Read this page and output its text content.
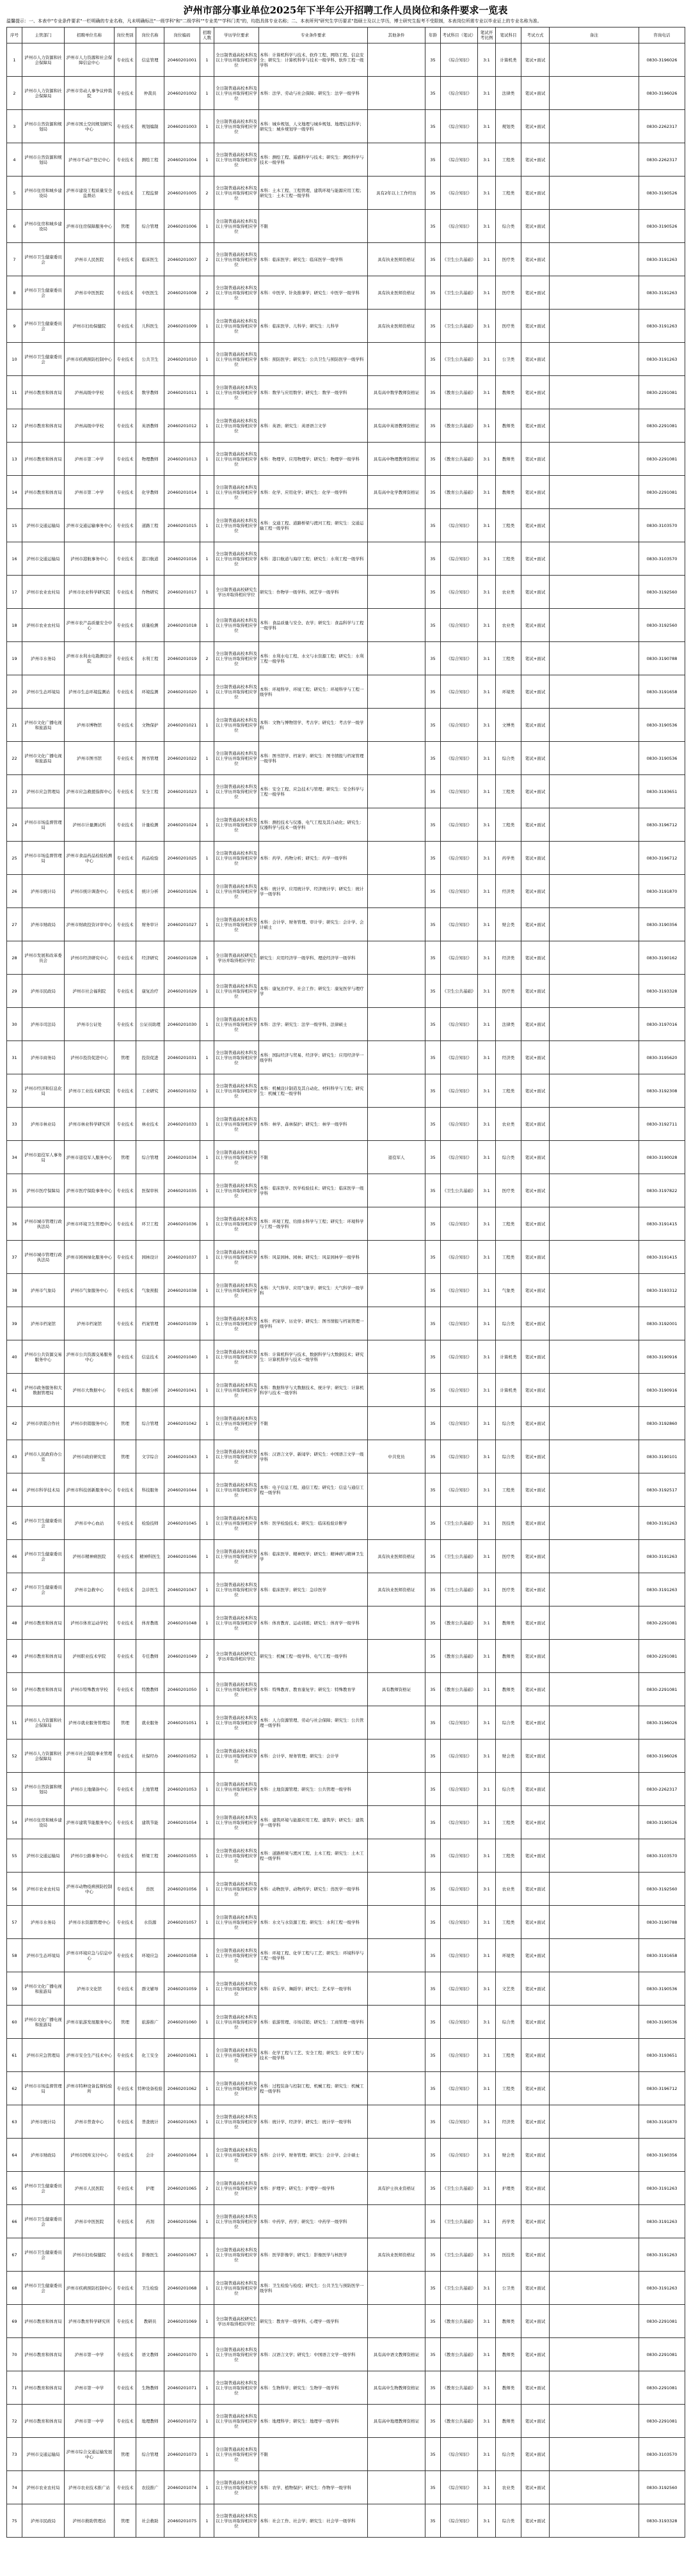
泸州市部分事业单位2025年下半年公开招聘工作人员岗位和条件要求一览表
温馨提示：一、本表中"专业条件要求"一栏明确的专业名称，凡未明确标注"一级学科"和"二级学科""专业类""学科门类"的，均指具体专业名称；二、本表所列"研究生学历要求"指硕士及以上学历，博士研究生报考不受限制，本表岗位所需专业以毕业证上的专业名称为准。
序号	主管部门	招聘单位名称	岗位类别	岗位名称	岗位编码	招聘人数	学历学位要求	专业条件要求	其他条件	年龄	考试科目（笔试）	笔试开考比例	笔试科目	考试方式	备注	咨询电话
1	泸州市人力资源和社会保障局	泸州市人力资源和社会保障信息中心	专业技术	信息管理	20460201001	1	全日制普通高校本科及以上学历并取得相应学位	本科：计算机科学与技术、软件工程、网络工程、信息安全；研究生：计算机科学与技术一级学科、软件工程一级学科		35	《综合知识》	3:1	计算机类	笔试+面试		0830-3196026
2	泸州市人力资源和社会保障局	泸州市劳动人事争议仲裁院	专业技术	仲裁员	20460201002	1	全日制普通高校本科及以上学历并取得相应学位	本科：法学、劳动与社会保障；研究生：法学一级学科		35	《综合知识》	3:1	法律类	笔试+面试		0830-3196026
3	泸州市自然资源和规划局	泸州市国土空间规划研究中心	专业技术	规划编制	20460201003	1	全日制普通高校本科及以上学历并取得相应学位	本科：城乡规划、人文地理与城乡规划、地理信息科学；研究生：城乡规划学一级学科		35	《综合知识》	3:1	规划类	笔试+面试		0830-2262317
4	泸州市自然资源和规划局	泸州市不动产登记中心	专业技术	测绘工程	20460201004	1	全日制普通高校本科及以上学历并取得相应学位	本科：测绘工程、遥感科学与技术；研究生：测绘科学与技术一级学科		35	《综合知识》	3:1	工程类	笔试+面试		0830-2262317
5	泸州市住房和城乡建设局	泸州市建设工程质量安全监督站	专业技术	工程监督	20460201005	2	全日制普通高校本科及以上学历并取得相应学位	本科：土木工程、工程管理、建筑环境与能源应用工程；研究生：土木工程一级学科	具有2年以上工作经历	35	《综合知识》	3:1	工程类	笔试+面试		0830-3190526
6	泸州市住房和城乡建设局	泸州市住房保障服务中心	管理	综合管理	20460201006	1	全日制普通高校本科及以上学历并取得相应学位	不限		35	《综合知识》	3:1	综合类	笔试+面试		0830-3190526
7	泸州市卫生健康委员会	泸州市人民医院	专业技术	临床医生	20460201007	2	全日制普通高校本科及以上学历并取得相应学位	本科：临床医学；研究生：临床医学一级学科	具有执业医师资格证	35	《卫生公共基础》	3:1	医疗类	笔试+面试		0830-3191263
8	泸州市卫生健康委员会	泸州市中医医院	专业技术	中医医生	20460201008	2	全日制普通高校本科及以上学历并取得相应学位	本科：中医学、针灸推拿学；研究生：中医学一级学科	具有执业医师资格证	35	《卫生公共基础》	3:1	医疗类	笔试+面试		0830-3191263
9	泸州市卫生健康委员会	泸州市妇幼保健院	专业技术	儿科医生	20460201009	1	全日制普通高校本科及以上学历并取得相应学位	本科：临床医学、儿科学；研究生：儿科学	具有执业医师资格证	35	《卫生公共基础》	3:1	医疗类	笔试+面试		0830-3191263
10	泸州市卫生健康委员会	泸州市疾病预防控制中心	专业技术	公共卫生	20460201010	1	全日制普通高校本科及以上学历并取得相应学位	本科：预防医学；研究生：公共卫生与预防医学一级学科		35	《卫生公共基础》	3:1	公卫类	笔试+面试		0830-3191263
11	泸州市教育和体育局	泸州高级中学校	专业技术	数学教师	20460201011	1	全日制普通高校本科及以上学历并取得相应学位	本科：数学与应用数学；研究生：数学一级学科	具有高中数学教师资格证	35	《教育公共基础》	3:1	教师类	笔试+面试		0830-2291081
12	泸州市教育和体育局	泸州高级中学校	专业技术	英语教师	20460201012	1	全日制普通高校本科及以上学历并取得相应学位	本科：英语；研究生：英语语言文学	具有高中英语教师资格证	35	《教育公共基础》	3:1	教师类	笔试+面试		0830-2291081
13	泸州市教育和体育局	泸州市第二中学	专业技术	物理教师	20460201013	1	全日制普通高校本科及以上学历并取得相应学位	本科：物理学、应用物理学；研究生：物理学一级学科	具有高中物理教师资格证	35	《教育公共基础》	3:1	教师类	笔试+面试		0830-2291081
14	泸州市教育和体育局	泸州市第二中学	专业技术	化学教师	20460201014	1	全日制普通高校本科及以上学历并取得相应学位	本科：化学、应用化学；研究生：化学一级学科	具有高中化学教师资格证	35	《教育公共基础》	3:1	教师类	笔试+面试		0830-2291081
15	泸州市交通运输局	泸州市交通运输事务中心	专业技术	道路工程	20460201015	1	全日制普通高校本科及以上学历并取得相应学位	本科：交通工程、道路桥梁与渡河工程；研究生：交通运输工程一级学科		35	《综合知识》	3:1	工程类	笔试+面试		0830-3103570
16	泸州市交通运输局	泸州市港航事务中心	专业技术	港口航道	20460201016	1	全日制普通高校本科及以上学历并取得相应学位	本科：港口航道与海岸工程；研究生：水利工程一级学科		35	《综合知识》	3:1	工程类	笔试+面试		0830-3103570
17	泸州市农业农村局	泸州市农业科学研究院	专业技术	作物研究	20460201017	1	全日制普通高校研究生学历并取得相应学位	研究生：作物学一级学科、园艺学一级学科		35	《综合知识》	3:1	农业类	笔试+面试		0830-3192560
18	泸州市农业农村局	泸州市农产品质量安全中心	专业技术	质量检测	20460201018	1	全日制普通高校本科及以上学历并取得相应学位	本科：食品质量与安全、农学；研究生：食品科学与工程一级学科		35	《综合知识》	3:1	农业类	笔试+面试		0830-3192560
19	泸州市水务局	泸州市水利水电勘测设计院	专业技术	水利工程	20460201019	2	全日制普通高校本科及以上学历并取得相应学位	本科：水利水电工程、水文与水资源工程；研究生：水利工程一级学科		35	《综合知识》	3:1	工程类	笔试+面试		0830-3190788
20	泸州市生态环境局	泸州市生态环境监测站	专业技术	环境监测	20460201020	1	全日制普通高校本科及以上学历并取得相应学位	本科：环境科学、环境工程；研究生：环境科学与工程一级学科		35	《综合知识》	3:1	环境类	笔试+面试		0830-3191658
21	泸州市文化广播电视和旅游局	泸州市博物馆	专业技术	文物保护	20460201021	1	全日制普通高校本科及以上学历并取得相应学位	本科：文物与博物馆学、考古学；研究生：考古学一级学科		35	《综合知识》	3:1	文博类	笔试+面试		0830-3190536
22	泸州市文化广播电视和旅游局	泸州市图书馆	专业技术	图书管理	20460201022	1	全日制普通高校本科及以上学历并取得相应学位	本科：图书馆学、档案学；研究生：图书情报与档案管理一级学科		35	《综合知识》	3:1	综合类	笔试+面试		0830-3190536
23	泸州市应急管理局	泸州市应急救援指挥中心	专业技术	安全工程	20460201023	1	全日制普通高校本科及以上学历并取得相应学位	本科：安全工程、应急技术与管理；研究生：安全科学与工程一级学科		35	《综合知识》	3:1	工程类	笔试+面试		0830-3193651
24	泸州市市场监督管理局	泸州市计量测试所	专业技术	计量检测	20460201024	1	全日制普通高校本科及以上学历并取得相应学位	本科：测控技术与仪器、电气工程及其自动化；研究生：仪器科学与技术一级学科		35	《综合知识》	3:1	工程类	笔试+面试		0830-3196712
25	泸州市市场监督管理局	泸州市食品药品检验检测中心	专业技术	药品检验	20460201025	1	全日制普通高校本科及以上学历并取得相应学位	本科：药学、药物分析；研究生：药学一级学科		35	《综合知识》	3:1	药学类	笔试+面试		0830-3196712
26	泸州市统计局	泸州市统计调查中心	专业技术	统计分析	20460201026	1	全日制普通高校本科及以上学历并取得相应学位	本科：统计学、应用统计学、经济统计学；研究生：统计学一级学科		35	《综合知识》	3:1	经济类	笔试+面试		0830-3191870
27	泸州市财政局	泸州市财政投资评审中心	专业技术	财务审计	20460201027	1	全日制普通高校本科及以上学历并取得相应学位	本科：会计学、财务管理、审计学；研究生：会计学、会计硕士		35	《综合知识》	3:1	财会类	笔试+面试		0830-3190356
28	泸州市发展和改革委员会	泸州市经济研究中心	专业技术	经济研究	20460201028	1	全日制普通高校研究生学历并取得相应学位	研究生：应用经济学一级学科、理论经济学一级学科		35	《综合知识》	3:1	经济类	笔试+面试		0830-3190162
29	泸州市民政局	泸州市社会福利院	专业技术	康复治疗	20460201029	1	全日制普通高校本科及以上学历并取得相应学位	本科：康复治疗学、社会工作；研究生：康复医学与理疗学		35	《卫生公共基础》	3:1	医疗类	笔试+面试		0830-3193328
30	泸州市司法局	泸州市公证处	专业技术	公证员助理	20460201030	1	全日制普通高校本科及以上学历并取得相应学位	本科：法学；研究生：法学一级学科、法律硕士		35	《综合知识》	3:1	法律类	笔试+面试		0830-3197016
31	泸州市商务局	泸州市投资促进中心	管理	投资促进	20460201031	1	全日制普通高校本科及以上学历并取得相应学位	本科：国际经济与贸易、经济学；研究生：应用经济学一级学科		35	《综合知识》	3:1	经济类	笔试+面试		0830-3195620
32	泸州市经济和信息化局	泸州市工业技术研究院	专业技术	工业研究	20460201032	1	全日制普通高校本科及以上学历并取得相应学位	本科：机械设计制造及其自动化、材料科学与工程；研究生：机械工程一级学科		35	《综合知识》	3:1	工程类	笔试+面试		0830-3192308
33	泸州市林业局	泸州市林业科学研究所	专业技术	林业技术	20460201033	1	全日制普通高校本科及以上学历并取得相应学位	本科：林学、森林保护；研究生：林学一级学科		35	《综合知识》	3:1	农业类	笔试+面试		0830-3192711
34	泸州市退役军人事务局	泸州市退役军人服务中心	管理	综合管理	20460201034	1	全日制普通高校本科及以上学历并取得相应学位	不限	退役军人	35	《综合知识》	3:1	综合类	笔试+面试		0830-3190028
35	泸州市医疗保障局	泸州市医疗保险事务中心	专业技术	医保审核	20460201035	1	全日制普通高校本科及以上学历并取得相应学位	本科：临床医学、医学检验技术；研究生：临床医学一级学科		35	《卫生公共基础》	3:1	医疗类	笔试+面试		0830-3197822
36	泸州市城市管理行政执法局	泸州市环境卫生管理中心	专业技术	环卫工程	20460201036	1	全日制普通高校本科及以上学历并取得相应学位	本科：环境工程、给排水科学与工程；研究生：环境科学与工程一级学科		35	《综合知识》	3:1	工程类	笔试+面试		0830-3191415
37	泸州市城市管理行政执法局	泸州市园林绿化服务中心	专业技术	园林设计	20460201037	1	全日制普通高校本科及以上学历并取得相应学位	本科：风景园林、园林；研究生：风景园林学一级学科		35	《综合知识》	3:1	工程类	笔试+面试		0830-3191415
38	泸州市气象局	泸州市气象服务中心	专业技术	气象预报	20460201038	1	全日制普通高校本科及以上学历并取得相应学位	本科：大气科学、应用气象学；研究生：大气科学一级学科		35	《综合知识》	3:1	气象类	笔试+面试		0830-3193312
39	泸州市档案馆	泸州市档案馆	专业技术	档案管理	20460201039	1	全日制普通高校本科及以上学历并取得相应学位	本科：档案学、历史学；研究生：图书情报与档案管理一级学科		35	《综合知识》	3:1	综合类	笔试+面试		0830-3192001
40	泸州市公共资源交易服务中心	泸州市公共资源交易服务中心	专业技术	信息技术	20460201040	1	全日制普通高校本科及以上学历并取得相应学位	本科：计算机科学与技术、数据科学与大数据技术；研究生：计算机科学与技术一级学科		35	《综合知识》	3:1	计算机类	笔试+面试		0830-3190916
41	泸州市政务服务和大数据管理局	泸州市大数据中心	专业技术	数据分析	20460201041	1	全日制普通高校本科及以上学历并取得相应学位	本科：数据科学与大数据技术、统计学；研究生：计算机科学与技术一级学科		35	《综合知识》	3:1	计算机类	笔试+面试		0830-3190916
42	泸州市供销合作社	泸州市供销服务中心	管理	综合管理	20460201042	1	全日制普通高校本科及以上学历并取得相应学位	不限		35	《综合知识》	3:1	综合类	笔试+面试		0830-3192860
43	泸州市人民政府办公室	泸州市政府研究室	管理	文字综合	20460201043	1	全日制普通高校本科及以上学历并取得相应学位	本科：汉语言文学、新闻学；研究生：中国语言文学一级学科	中共党员	35	《综合知识》	3:1	综合类	笔试+面试		0830-3190101
44	泸州市科学技术局	泸州市科技创新服务中心	专业技术	科技服务	20460201044	1	全日制普通高校本科及以上学历并取得相应学位	本科：电子信息工程、通信工程；研究生：信息与通信工程一级学科		35	《综合知识》	3:1	工程类	笔试+面试		0830-3192517
45	泸州市卫生健康委员会	泸州市中心血站	专业技术	检验技师	20460201045	1	全日制普通高校本科及以上学历并取得相应学位	本科：医学检验技术；研究生：临床检验诊断学		35	《卫生公共基础》	3:1	医技类	笔试+面试		0830-3191263
46	泸州市卫生健康委员会	泸州市精神病医院	专业技术	精神科医生	20460201046	1	全日制普通高校本科及以上学历并取得相应学位	本科：临床医学、精神医学；研究生：精神病与精神卫生学	具有执业医师资格证	35	《卫生公共基础》	3:1	医疗类	笔试+面试		0830-3191263
47	泸州市卫生健康委员会	泸州市急救中心	专业技术	急诊医生	20460201047	1	全日制普通高校本科及以上学历并取得相应学位	本科：临床医学；研究生：急诊医学	具有执业医师资格证	35	《卫生公共基础》	3:1	医疗类	笔试+面试		0830-3191263
48	泸州市教育和体育局	泸州市体育运动学校	专业技术	体育教练	20460201048	1	全日制普通高校本科及以上学历并取得相应学位	本科：体育教育、运动训练；研究生：体育学一级学科		35	《教育公共基础》	3:1	教师类	笔试+面试		0830-2291081
49	泸州市教育和体育局	泸州职业技术学院	专业技术	专任教师	20460201049	2	全日制普通高校研究生学历并取得相应学位	研究生：机械工程一级学科、电气工程一级学科		35	《教育公共基础》	3:1	教师类	笔试+面试		0830-2291081
50	泸州市教育和体育局	泸州市特殊教育学校	专业技术	特教教师	20460201050	1	全日制普通高校本科及以上学历并取得相应学位	本科：特殊教育、教育康复学；研究生：特殊教育学	具有教师资格证	35	《教育公共基础》	3:1	教师类	笔试+面试		0830-2291081
51	泸州市人力资源和社会保障局	泸州市就业服务管理局	管理	就业服务	20460201051	1	全日制普通高校本科及以上学历并取得相应学位	本科：人力资源管理、劳动与社会保障；研究生：公共管理一级学科		35	《综合知识》	3:1	综合类	笔试+面试		0830-3196026
52	泸州市人力资源和社会保障局	泸州市社会保险事业管理局	专业技术	社保经办	20460201052	1	全日制普通高校本科及以上学历并取得相应学位	本科：会计学、财务管理；研究生：会计学		35	《综合知识》	3:1	财会类	笔试+面试		0830-3196026
53	泸州市自然资源和规划局	泸州市土地储备中心	专业技术	土地管理	20460201053	1	全日制普通高校本科及以上学历并取得相应学位	本科：土地资源管理；研究生：公共管理一级学科		35	《综合知识》	3:1	综合类	笔试+面试		0830-2262317
54	泸州市住房和城乡建设局	泸州市建筑节能服务中心	专业技术	建筑节能	20460201054	1	全日制普通高校本科及以上学历并取得相应学位	本科：建筑环境与能源应用工程、建筑学；研究生：建筑学一级学科		35	《综合知识》	3:1	工程类	笔试+面试		0830-3190526
55	泸州市交通运输局	泸州市公路事务中心	专业技术	桥梁工程	20460201055	1	全日制普通高校本科及以上学历并取得相应学位	本科：道路桥梁与渡河工程、土木工程；研究生：土木工程一级学科		35	《综合知识》	3:1	工程类	笔试+面试		0830-3103570
56	泸州市农业农村局	泸州市动物疫病预防控制中心	专业技术	兽医	20460201056	1	全日制普通高校本科及以上学历并取得相应学位	本科：动物医学、动物药学；研究生：兽医学一级学科		35	《综合知识》	3:1	农业类	笔试+面试		0830-3192560
57	泸州市水务局	泸州市水资源管理中心	专业技术	水资源	20460201057	1	全日制普通高校本科及以上学历并取得相应学位	本科：水文与水资源工程；研究生：水利工程一级学科		35	《综合知识》	3:1	工程类	笔试+面试		0830-3190788
58	泸州市生态环境局	泸州市环境应急与信息中心	专业技术	环境应急	20460201058	1	全日制普通高校本科及以上学历并取得相应学位	本科：环境工程、化学工程与工艺；研究生：环境科学与工程一级学科		35	《综合知识》	3:1	环境类	笔试+面试		0830-3191658
59	泸州市文化广播电视和旅游局	泸州市文化馆	专业技术	群文辅导	20460201059	1	全日制普通高校本科及以上学历并取得相应学位	本科：音乐学、舞蹈学；研究生：艺术学一级学科		35	《综合知识》	3:1	文艺类	笔试+面试		0830-3190536
60	泸州市文化广播电视和旅游局	泸州市旅游发展服务中心	管理	旅游推广	20460201060	1	全日制普通高校本科及以上学历并取得相应学位	本科：旅游管理、市场营销；研究生：工商管理一级学科		35	《综合知识》	3:1	综合类	笔试+面试		0830-3190536
61	泸州市应急管理局	泸州市安全生产技术中心	专业技术	化工安全	20460201061	1	全日制普通高校本科及以上学历并取得相应学位	本科：化学工程与工艺、安全工程；研究生：化学工程与技术一级学科		35	《综合知识》	3:1	工程类	笔试+面试		0830-3193651
62	泸州市市场监督管理局	泸州市特种设备监督检验所	专业技术	特种设备检验	20460201062	1	全日制普通高校本科及以上学历并取得相应学位	本科：过程装备与控制工程、机械工程；研究生：机械工程一级学科		35	《综合知识》	3:1	工程类	笔试+面试		0830-3196712
63	泸州市统计局	泸州市普查中心	专业技术	普查统计	20460201063	1	全日制普通高校本科及以上学历并取得相应学位	本科：统计学、经济学；研究生：统计学一级学科		35	《综合知识》	3:1	经济类	笔试+面试		0830-3191870
64	泸州市财政局	泸州市国库支付中心	专业技术	会计	20460201064	1	全日制普通高校本科及以上学历并取得相应学位	本科：会计学、财务管理；研究生：会计学、会计硕士		35	《综合知识》	3:1	财会类	笔试+面试		0830-3190356
65	泸州市卫生健康委员会	泸州市人民医院	专业技术	护理	20460201065	2	全日制普通高校本科及以上学历并取得相应学位	本科：护理学；研究生：护理学一级学科	具有护士执业资格证	35	《卫生公共基础》	3:1	护理类	笔试+面试		0830-3191263
66	泸州市卫生健康委员会	泸州市中医医院	专业技术	药剂	20460201066	1	全日制普通高校本科及以上学历并取得相应学位	本科：中药学、药学；研究生：中药学一级学科		35	《卫生公共基础》	3:1	药学类	笔试+面试		0830-3191263
67	泸州市卫生健康委员会	泸州市妇幼保健院	专业技术	影像医生	20460201067	1	全日制普通高校本科及以上学历并取得相应学位	本科：医学影像学；研究生：影像医学与核医学	具有执业医师资格证	35	《卫生公共基础》	3:1	医技类	笔试+面试		0830-3191263
68	泸州市卫生健康委员会	泸州市疾病预防控制中心	专业技术	卫生检验	20460201068	1	全日制普通高校本科及以上学历并取得相应学位	本科：卫生检验与检疫；研究生：公共卫生与预防医学一级学科		35	《卫生公共基础》	3:1	公卫类	笔试+面试		0830-3191263
69	泸州市教育和体育局	泸州市教育科学研究所	专业技术	教研员	20460201069	1	全日制普通高校研究生学历并取得相应学位	研究生：教育学一级学科、心理学一级学科		35	《教育公共基础》	3:1	教师类	笔试+面试		0830-2291081
70	泸州市教育和体育局	泸州市第一中学	专业技术	语文教师	20460201070	1	全日制普通高校本科及以上学历并取得相应学位	本科：汉语言文学；研究生：中国语言文学一级学科	具有高中语文教师资格证	35	《教育公共基础》	3:1	教师类	笔试+面试		0830-2291081
71	泸州市教育和体育局	泸州市第一中学	专业技术	生物教师	20460201071	1	全日制普通高校本科及以上学历并取得相应学位	本科：生物科学；研究生：生物学一级学科	具有高中生物教师资格证	35	《教育公共基础》	3:1	教师类	笔试+面试		0830-2291081
72	泸州市教育和体育局	泸州市第一中学	专业技术	地理教师	20460201072	1	全日制普通高校本科及以上学历并取得相应学位	本科：地理科学；研究生：地理学一级学科	具有高中地理教师资格证	35	《教育公共基础》	3:1	教师类	笔试+面试		0830-2291081
73	泸州市交通运输局	泸州市综合交通运输发展中心	管理	综合管理	20460201073	1	全日制普通高校本科及以上学历并取得相应学位	不限		35	《综合知识》	3:1	综合类	笔试+面试		0830-3103570
74	泸州市农业农村局	泸州市农业技术推广站	专业技术	农技推广	20460201074	1	全日制普通高校本科及以上学历并取得相应学位	本科：农学、植物保护；研究生：作物学一级学科		35	《综合知识》	3:1	农业类	笔试+面试		0830-3192560
75	泸州市民政局	泸州市救助管理站	管理	社会救助	20460201075	1	全日制普通高校本科及以上学历并取得相应学位	本科：社会工作、社会学；研究生：社会学一级学科		35	《综合知识》	3:1	综合类	笔试+面试		0830-3193328
